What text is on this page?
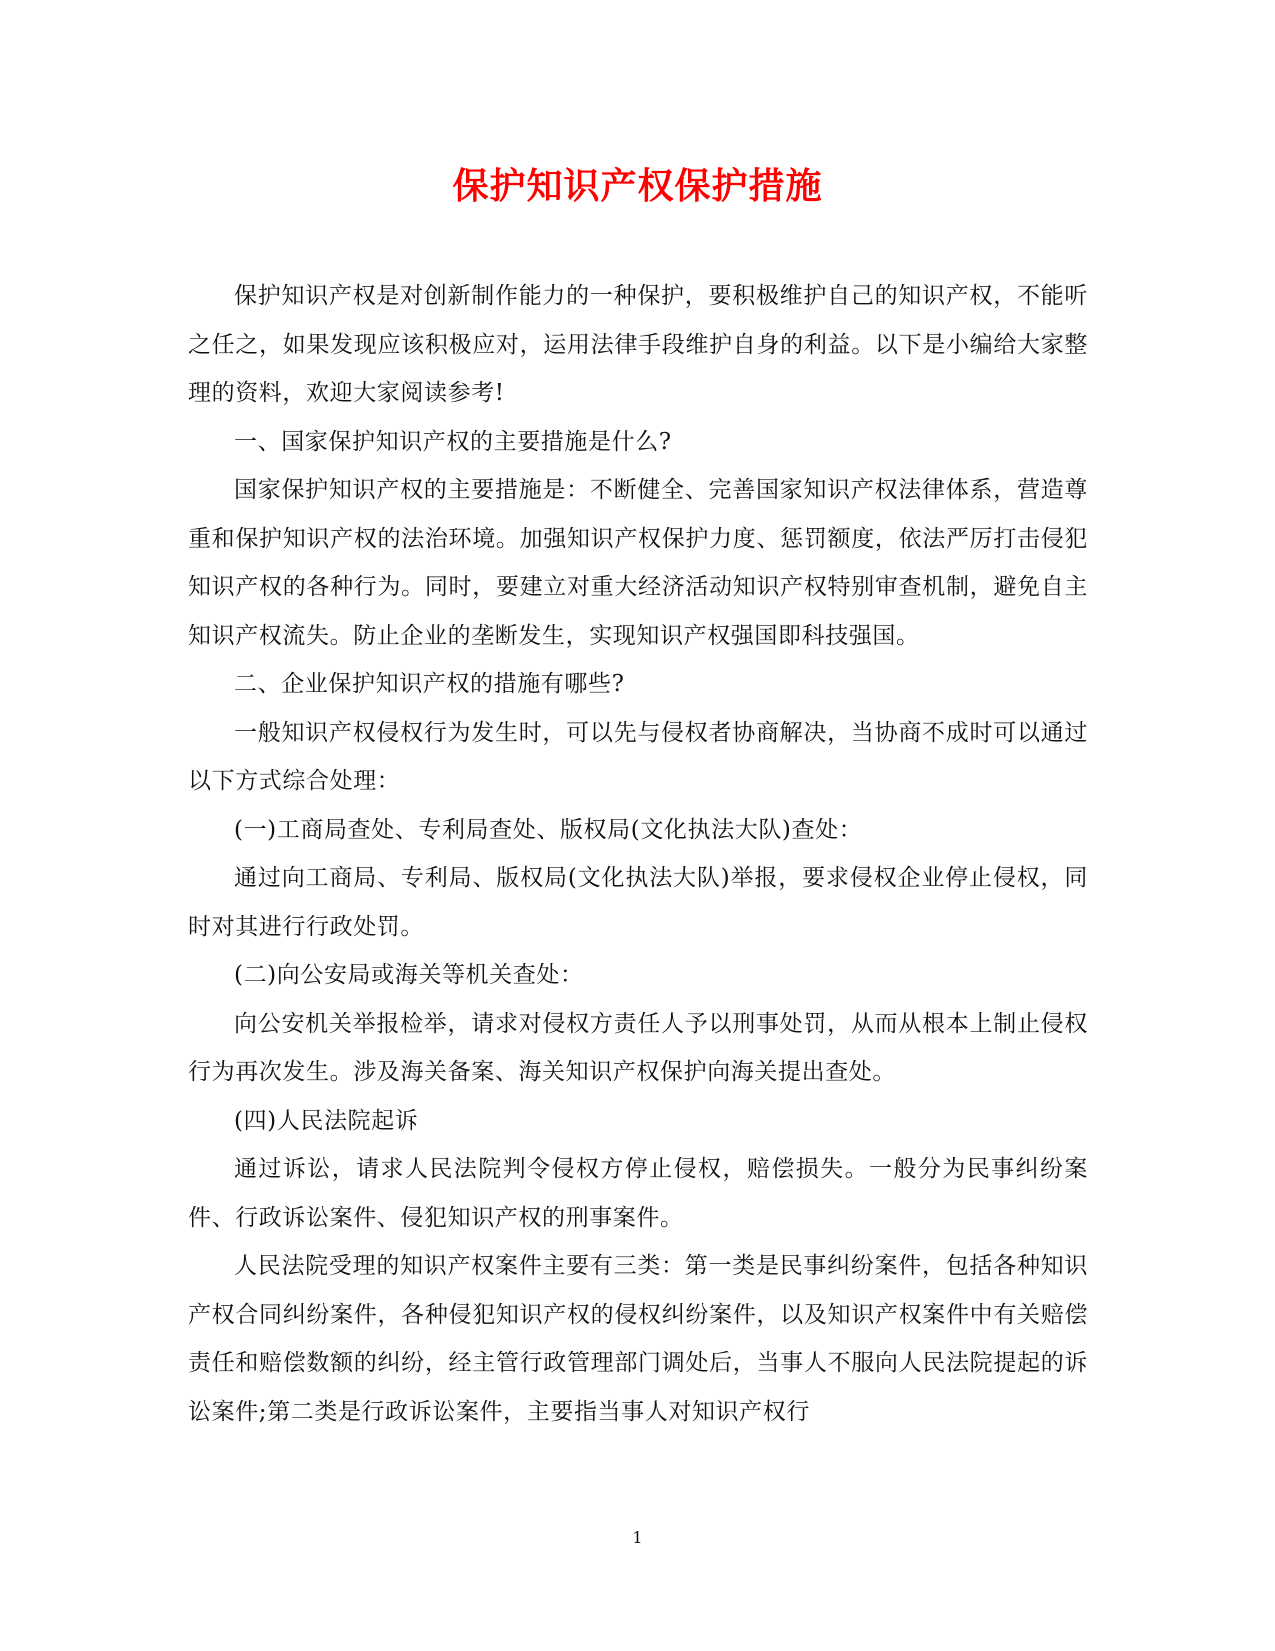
保护知识产权保护措施

保护知识产权是对创新制作能力的一种保护，要积极维护自己的知识产权，不能听之任之，如果发现应该积极应对，运用法律手段维护自身的利益。以下是小编给大家整理的资料，欢迎大家阅读参考!

一、国家保护知识产权的主要措施是什么?

国家保护知识产权的主要措施是：不断健全、完善国家知识产权法律体系，营造尊重和保护知识产权的法治环境。加强知识产权保护力度、惩罚额度，依法严厉打击侵犯知识产权的各种行为。同时，要建立对重大经济活动知识产权特别审查机制，避免自主知识产权流失。防止企业的垄断发生，实现知识产权强国即科技强国。

二、企业保护知识产权的措施有哪些?

一般知识产权侵权行为发生时，可以先与侵权者协商解决，当协商不成时可以通过以下方式综合处理：

(一)工商局查处、专利局查处、版权局(文化执法大队)查处：

通过向工商局、专利局、版权局(文化执法大队)举报，要求侵权企业停止侵权，同时对其进行行政处罚。

(二)向公安局或海关等机关查处：

向公安机关举报检举，请求对侵权方责任人予以刑事处罚，从而从根本上制止侵权行为再次发生。涉及海关备案、海关知识产权保护向海关提出查处。

(四)人民法院起诉

通过诉讼，请求人民法院判令侵权方停止侵权，赔偿损失。一般分为民事纠纷案件、行政诉讼案件、侵犯知识产权的刑事案件。

人民法院受理的知识产权案件主要有三类：第一类是民事纠纷案件，包括各种知识产权合同纠纷案件，各种侵犯知识产权的侵权纠纷案件，以及知识产权案件中有关赔偿责任和赔偿数额的纠纷，经主管行政管理部门调处后，当事人不服向人民法院提起的诉讼案件;第二类是行政诉讼案件，主要指当事人对知识产权行

1
